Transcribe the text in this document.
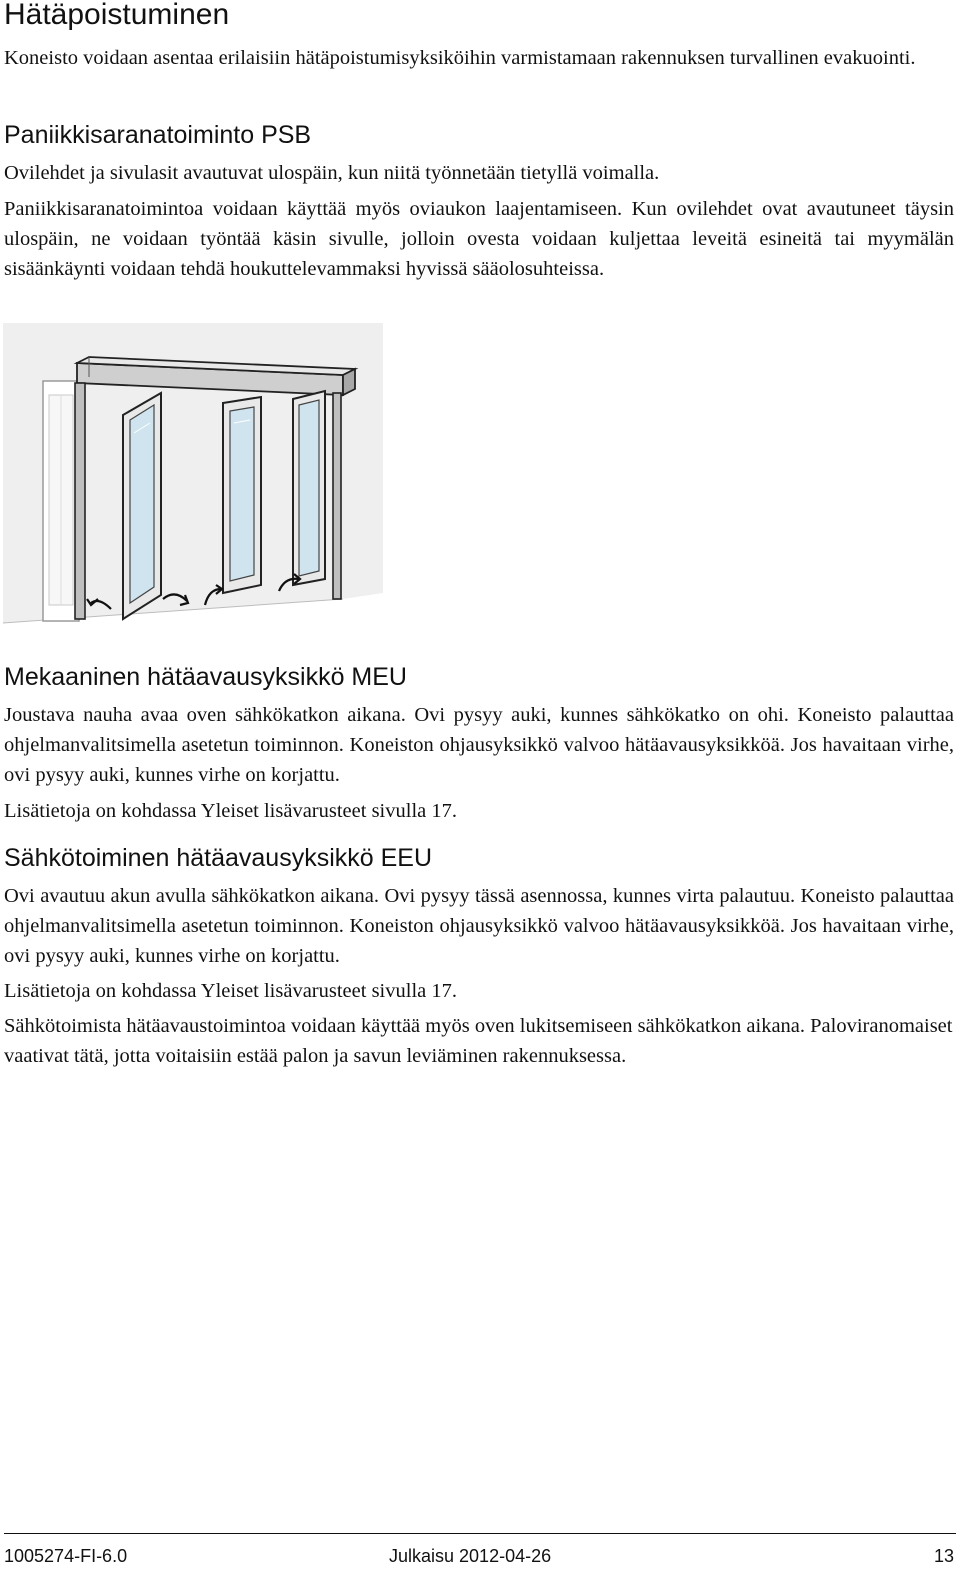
Hätäpoistuminen

Koneisto voidaan asentaa erilaisiin hätäpoistumisyksiköihin varmistamaan rakennuksen turvallinen evakuointi.

Paniikkisaranatoiminto PSB

Ovilehdet ja sivulasit avautuvat ulospäin, kun niitä työnnetään tietyllä voimalla.

Paniikkisaranatoimintoa voidaan käyttää myös oviaukon laajentamiseen. Kun ovilehdet ovat avautuneet täysin ulospäin, ne voidaan työntää käsin sivulle, jolloin ovesta voidaan kuljettaa leveitä esineitä tai myymälän sisäänkäynti voidaan tehdä houkuttelevammaksi hyvissä sääolosuhteissa.

Mekaaninen hätäavausyksikkö MEU

Joustava nauha avaa oven sähkökatkon aikana. Ovi pysyy auki, kunnes sähkökatko on ohi. Koneisto palauttaa ohjelmanvalitsimella asetetun toiminnon. Koneiston ohjausyksikkö valvoo hätäavausyksikköä. Jos havaitaan virhe, ovi pysyy auki, kunnes virhe on korjattu.

Lisätietoja on kohdassa Yleiset lisävarusteet sivulla 17.

Sähkötoiminen hätäavausyksikkö EEU

Ovi avautuu akun avulla sähkökatkon aikana. Ovi pysyy tässä asennossa, kunnes virta palautuu. Koneisto palauttaa ohjelmanvalitsimella asetetun toiminnon. Koneiston ohjausyksikkö valvoo hätäavausyksikköä. Jos havaitaan virhe, ovi pysyy auki, kunnes virhe on korjattu.

Lisätietoja on kohdassa Yleiset lisävarusteet sivulla 17.

Sähkötoimista hätäavaustoimintoa voidaan käyttää myös oven lukitsemiseen sähkökatkon aikana. Paloviranomaiset vaativat tätä, jotta voitaisiin estää palon ja savun leviäminen rakennuksessa.

1005274-FI-6.0	Julkaisu 2012-04-26	13
